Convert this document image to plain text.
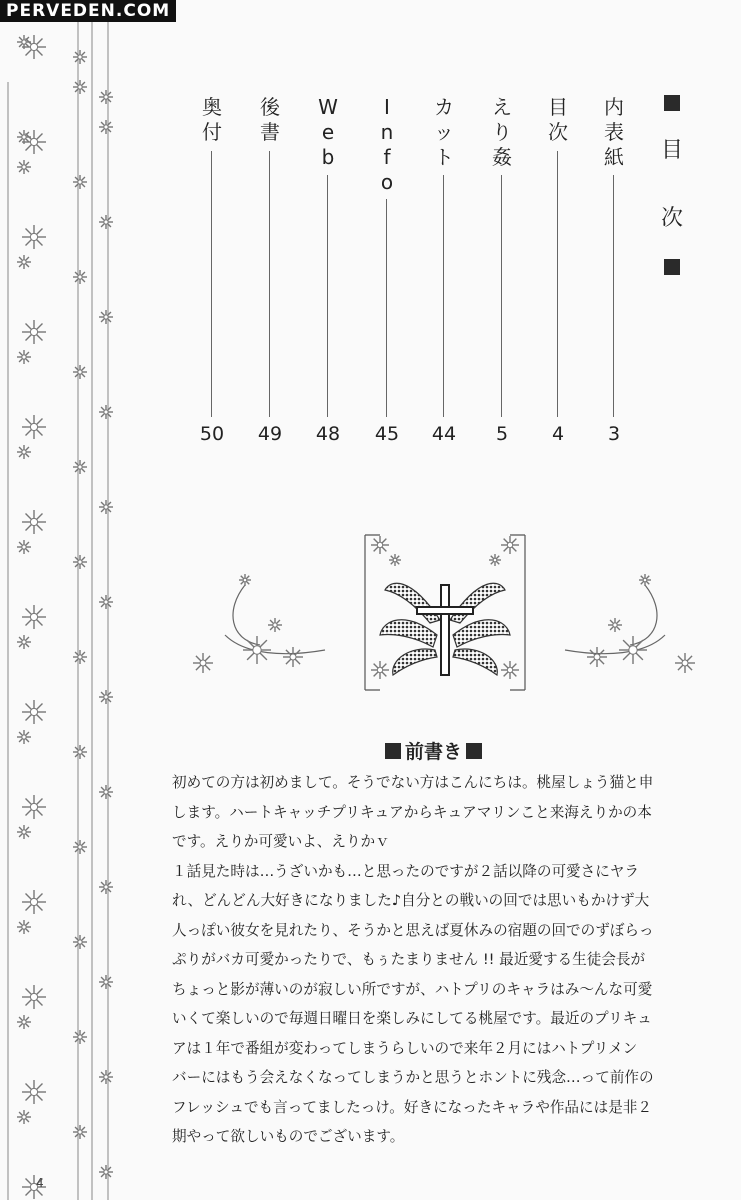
PERVEDEN.COM
4
目
次
内
表
紙
3
目
次
4
え
り
姦
5
カ
ッ
ト
44
I
n
f
o
45
W
e
b
48
後
書
49
奥
付
50
前書き

初めての方は初めまして。そうでない方はこんにちは。桃屋しょう猫と申

します。ハートキャッチプリキュアからキュアマリンこと来海えりかの本

です。えりか可愛いよ、えりかｖ

１話見た時は…うざいかも…と思ったのですが２話以降の可愛さにヤラ

れ、どんどん大好きになりました♪自分との戦いの回では思いもかけず大

人っぽい彼女を見れたり、そうかと思えば夏休みの宿題の回でのずぼらっ

ぷりがバカ可愛かったりで、もぅたまりません !! 最近愛する生徒会長が

ちょっと影が薄いのが寂しい所ですが、ハトプリのキャラはみ～んな可愛

いくて楽しいので毎週日曜日を楽しみにしてる桃屋です。最近のプリキュ

アは１年で番組が変わってしまうらしいので来年２月にはハトプリメン

バーにはもう会えなくなってしまうかと思うとホントに残念…って前作の

フレッシュでも言ってましたっけ。好きになったキャラや作品には是非２

期やって欲しいものでございます。
